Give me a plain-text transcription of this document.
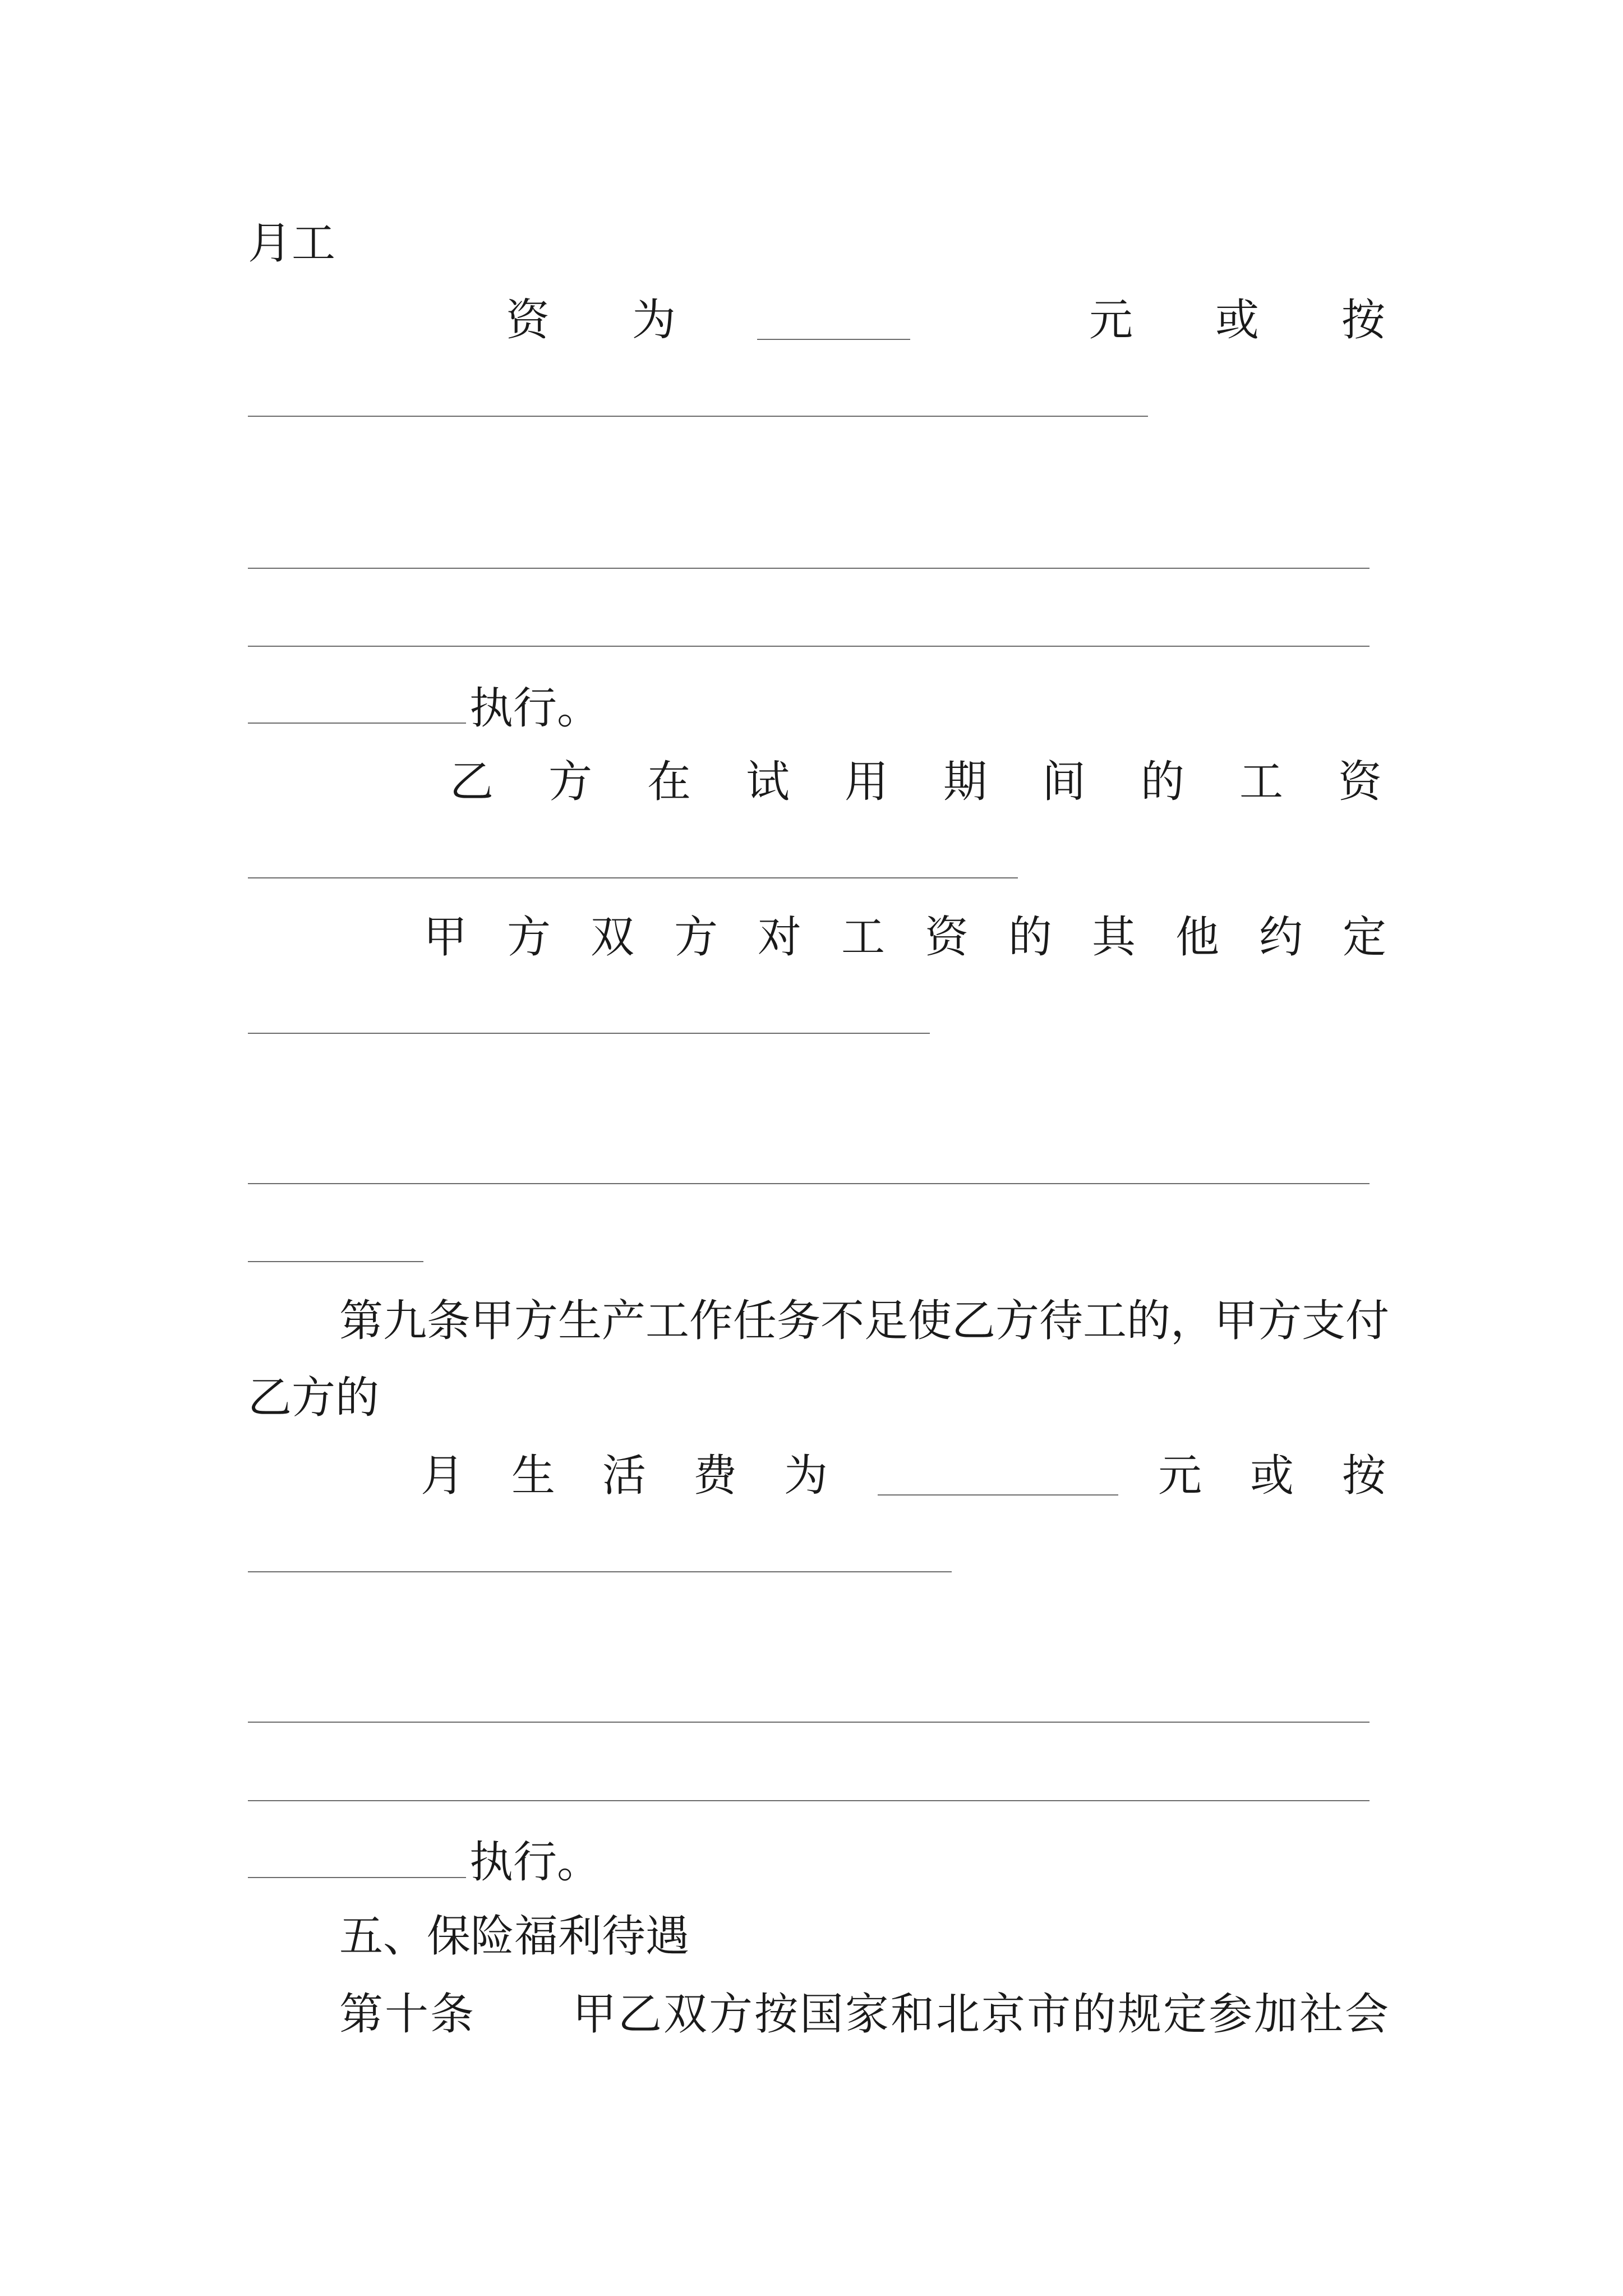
月工
资为	元或按
执行。
乙方在试用期间的工资
甲方双方对工资的其他约定
第九条甲方生产工作任务不足使乙方待工的，甲方支付
乙方的
月生活费为	元或按
执行。
五、保险福利待遇
第十条 甲乙双方按国家和北京市的规定参加社会
